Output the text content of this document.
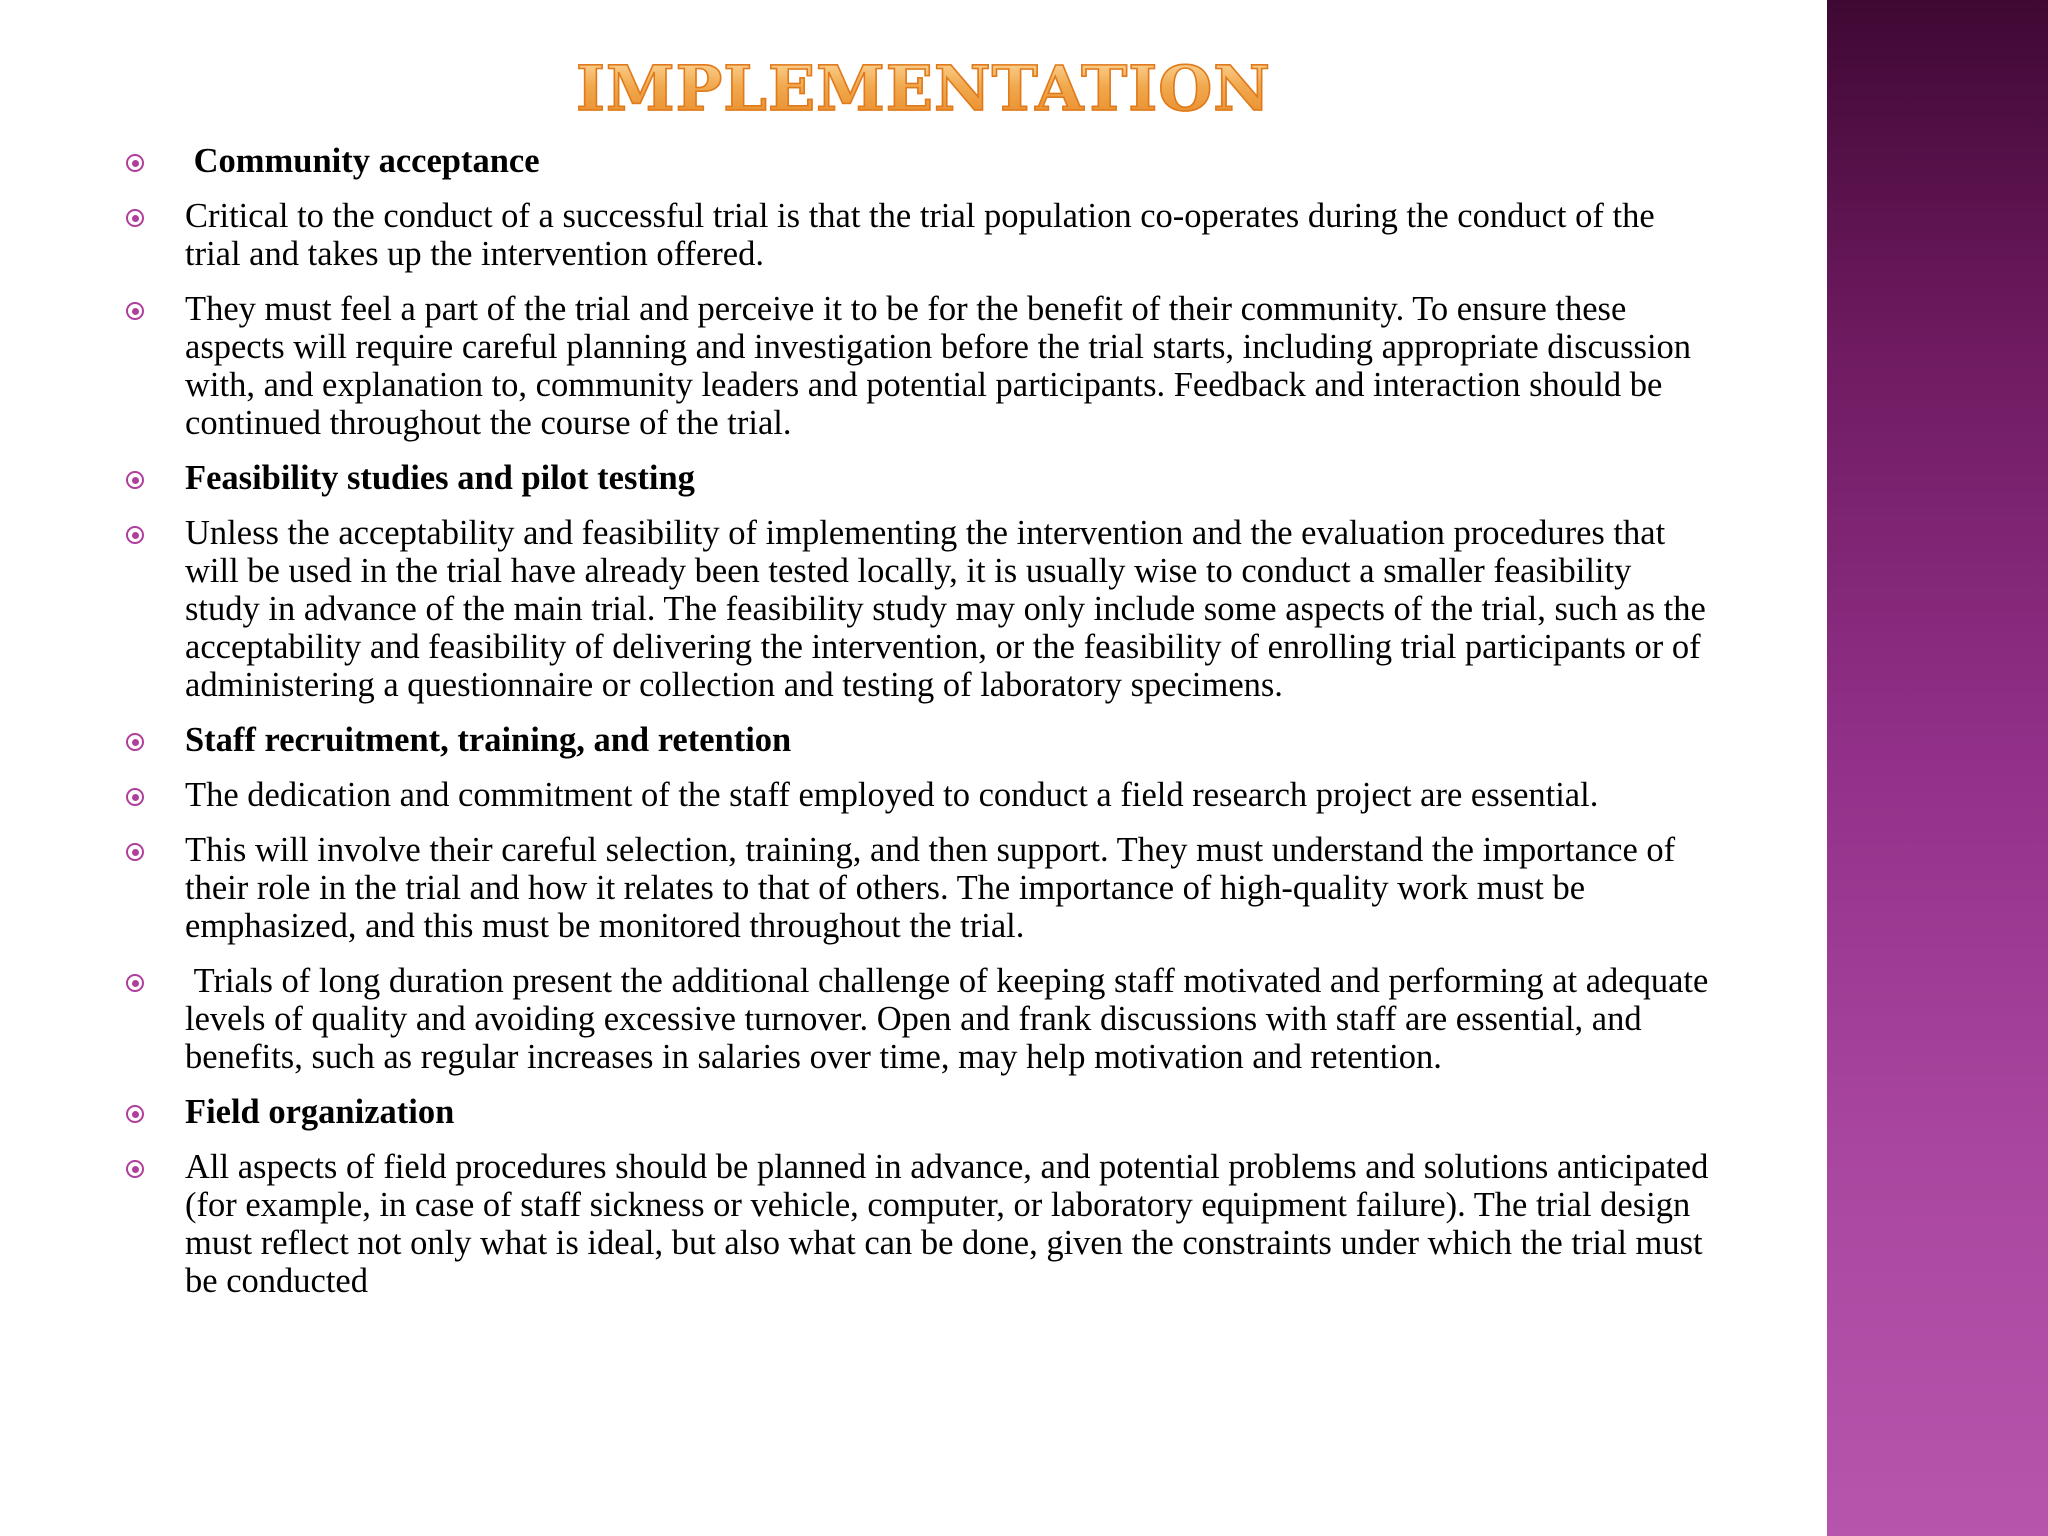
IMPLEMENTATION
Community acceptance
Critical to the conduct of a successful trial is that the trial population co-operates during the conduct of the trial and takes up the intervention offered.
They must feel a part of the trial and perceive it to be for the benefit of their community. To ensure these aspects will require careful planning and investigation before the trial starts, including appropriate discussion with, and explanation to, community leaders and potential participants. Feedback and interaction should be continued throughout the course of the trial.
Feasibility studies and pilot testing
Unless the acceptability and feasibility of implementing the intervention and the evaluation procedures that will be used in the trial have already been tested locally, it is usually wise to conduct a smaller feasibility study in advance of the main trial. The feasibility study may only include some aspects of the trial, such as the acceptability and feasibility of delivering the intervention, or the feasibility of enrolling trial participants or of administering a questionnaire or collection and testing of laboratory specimens.
Staff recruitment, training, and retention
The dedication and commitment of the staff employed to conduct a field research project are essential.
This will involve their careful selection, training, and then support. They must understand the importance of their role in the trial and how it relates to that of others. The importance of high-quality work must be emphasized, and this must be monitored throughout the trial.
Trials of long duration present the additional challenge of keeping staff motivated and performing at adequate levels of quality and avoiding excessive turnover. Open and frank discussions with staff are essential, and benefits, such as regular increases in salaries over time, may help motivation and retention.
Field organization
All aspects of field procedures should be planned in advance, and potential problems and solutions anticipated (for example, in case of staff sickness or vehicle, computer, or laboratory equipment failure). The trial design must reflect not only what is ideal, but also what can be done, given the constraints under which the trial must be conducted
